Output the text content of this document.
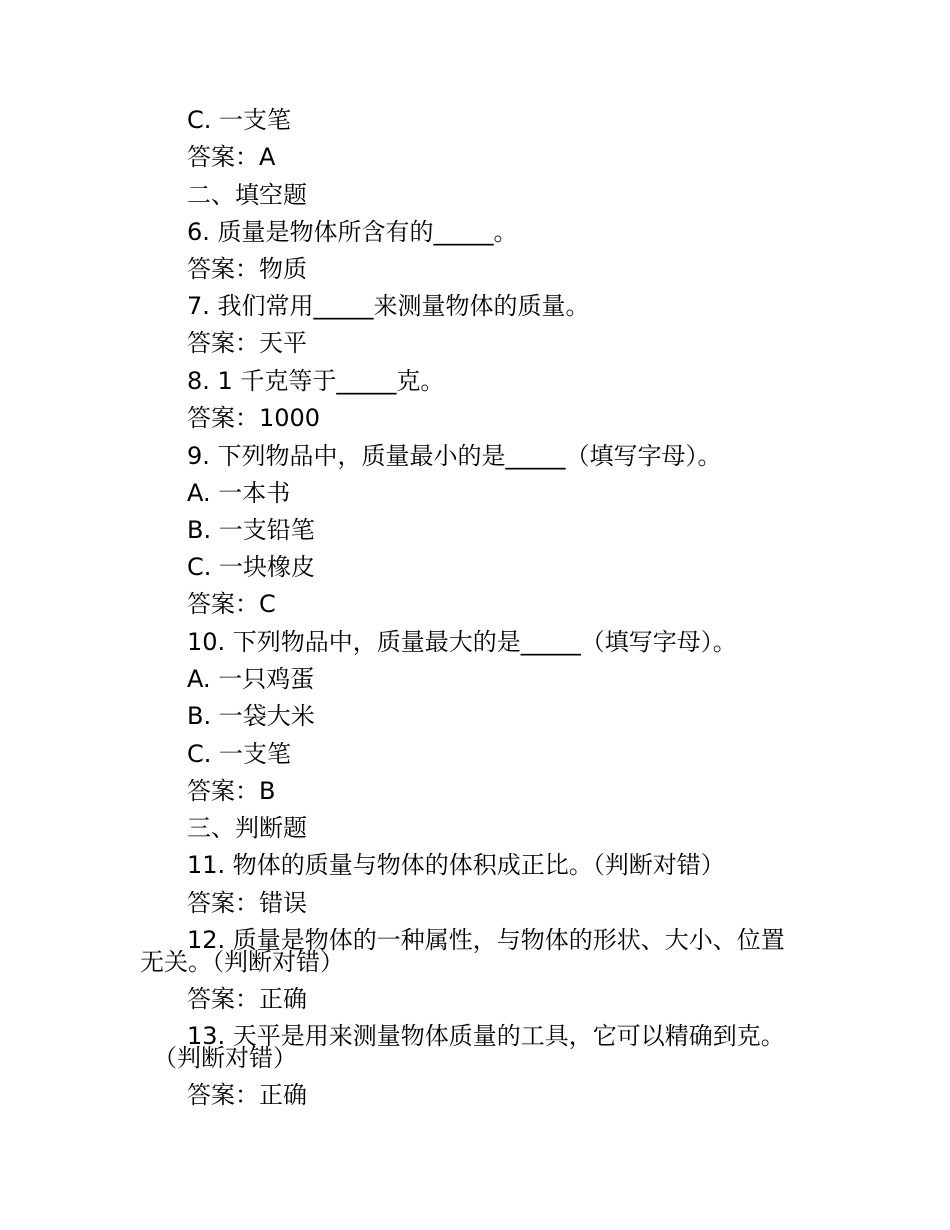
C. 一支笔
答案：A
二、填空题
6. 质量是物体所含有的_____。
答案：物质
7. 我们常用_____来测量物体的质量。
答案：天平
8. 1 千克等于_____克。
答案：1000
9. 下列物品中，质量最小的是_____（填写字母）。
A. 一本书
B. 一支铅笔
C. 一块橡皮
答案：C
10. 下列物品中，质量最大的是_____（填写字母）。
A. 一只鸡蛋
B. 一袋大米
C. 一支笔
答案：B
三、判断题
11. 物体的质量与物体的体积成正比。（判断对错）
答案：错误
12. 质量是物体的一种属性，与物体的形状、大小、位置
无关。（判断对错）
答案：正确
13. 天平是用来测量物体质量的工具，它可以精确到克。
（判断对错）
答案：正确
